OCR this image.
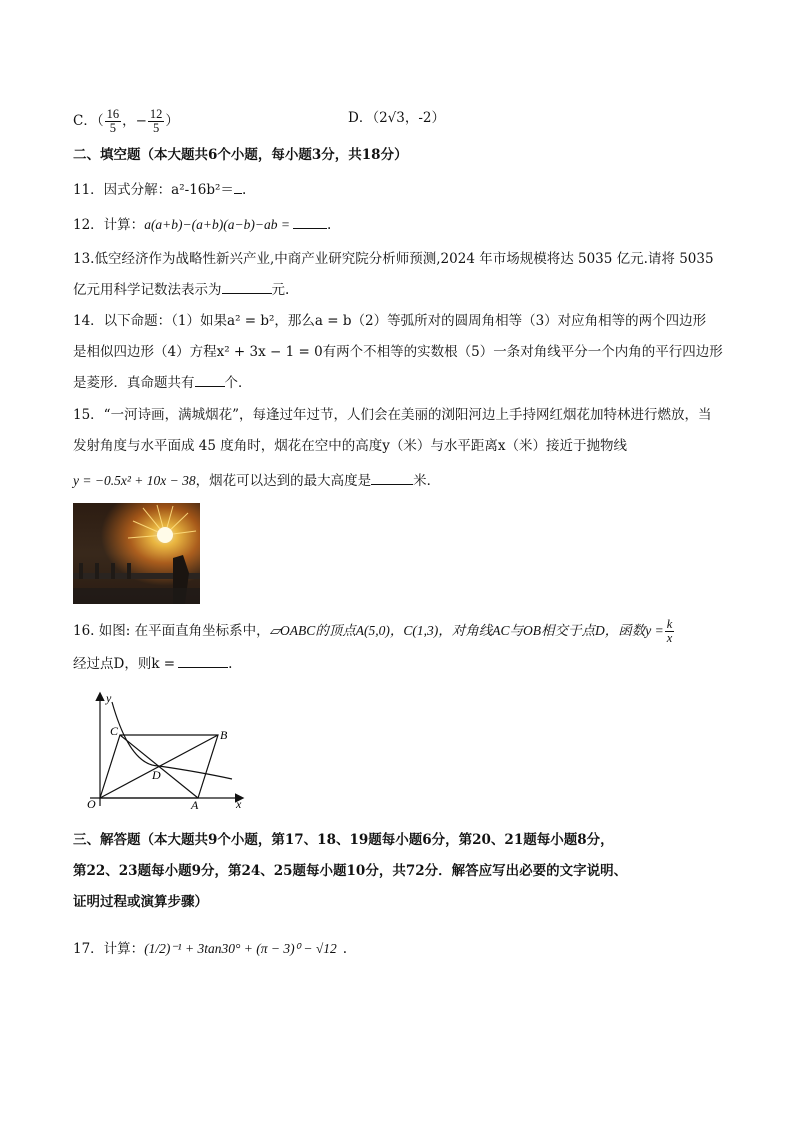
C．（ $\frac{16}{5}$ ，− $\frac{12}{5}$ ）	D．（2√3，-2）
二、填空题（本大题共6个小题，每小题3分，共18分）
11．因式分解：a²-16b²＝ .
12．计算：a(a+b)−(a+b)(a−b)−ab =	.
13.低空经济作为战略性新兴产业,中商产业研究院分析师预测,2024 年市场规模将达 5035 亿元.请将 5035
亿元用科学记数法表示为	元.
14．以下命题：（1）如果a² = b²，那么a = b（2）等弧所对的圆周角相等（3）对应角相等的两个四边形
是相似四边形（4）方程x² + 3x − 1 = 0有两个不相等的实数根（5）一条对角线平分一个内角的平行四边形
是菱形．真命题共有 个．
15．“一河诗画，满城烟花”，每逢过年过节，人们会在美丽的浏阳河边上手持网红烟花加特林进行燃放，当
发射角度与水平面成 45 度角时，烟花在空中的高度y（米）与水平距离x（米）接近于抛物线
y = −0.5x² + 10x − 38，烟花可以达到的最大高度是	米．
16. 如图: 在平面直角坐标系中，▱OABC的顶点A(5,0)，C(1,3)，对角线AC与OB相交于点D，函数$y = \frac{k}{x}$
经过点D，则k =	.
y
x
O	A
B
C
D
三、解答题（本大题共9个小题，第17、18、19题每小题6分，第20、21题每小题8分，
第22、23题每小题9分，第24、25题每小题10分，共72分．解答应写出必要的文字说明、
证明过程或演算步骤）
17．计算：(1/2)⁻¹ + 3tan30° + (π − 3)⁰ − √12 .
